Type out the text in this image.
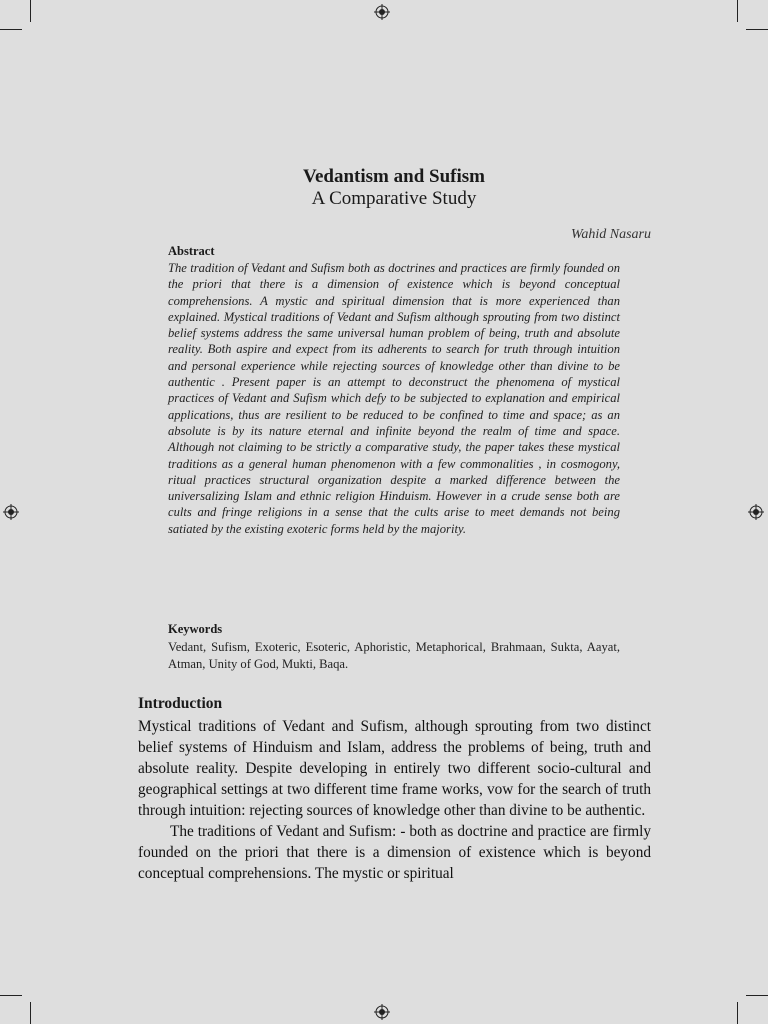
Vedantism and Sufism
A Comparative Study
Wahid Nasaru
Abstract
The tradition of Vedant and Sufism both as doctrines and practices are firmly founded on the priori that there is a dimension of existence which is beyond conceptual comprehensions. A mystic and spiritual dimension that is more experienced than explained. Mystical traditions of Vedant and Sufism although sprouting from two distinct belief systems address the same universal human problem of being, truth and absolute reality. Both aspire and expect from its adherents to search for truth through intuition and personal experience while rejecting sources of knowledge other than divine to be authentic . Present paper is an attempt to deconstruct the phenomena of mystical practices of Vedant and Sufism which defy to be subjected to explanation and empirical applications, thus are resilient to be reduced to be confined to time and space; as an absolute is by its nature eternal and infinite beyond the realm of time and space. Although not claiming to be strictly a comparative study, the paper takes these mystical traditions as a general human phenomenon with a few commonalities , in cosmogony, ritual practices structural organization despite a marked difference between the universalizing Islam and ethnic religion Hinduism. However in a crude sense both are cults and fringe religions in a sense that the cults arise to meet demands not being satiated by the existing exoteric forms held by the majority.
Keywords
Vedant, Sufism, Exoteric, Esoteric, Aphoristic, Metaphorical, Brahmaan, Sukta, Aayat, Atman, Unity of God, Mukti, Baqa.
Introduction

Mystical traditions of Vedant and Sufism, although sprouting from two distinct belief systems of Hinduism and Islam, address the problems of being, truth and absolute reality. Despite developing in entirely two different socio-cultural and geographical settings at two different time frame works, vow for the search of truth through intuition: rejecting sources of knowledge other than divine to be authentic.

The traditions of Vedant and Sufism: - both as doctrine and practice are firmly founded on the priori that there is a dimension of existence which is beyond conceptual comprehensions. The mystic or spiritual
